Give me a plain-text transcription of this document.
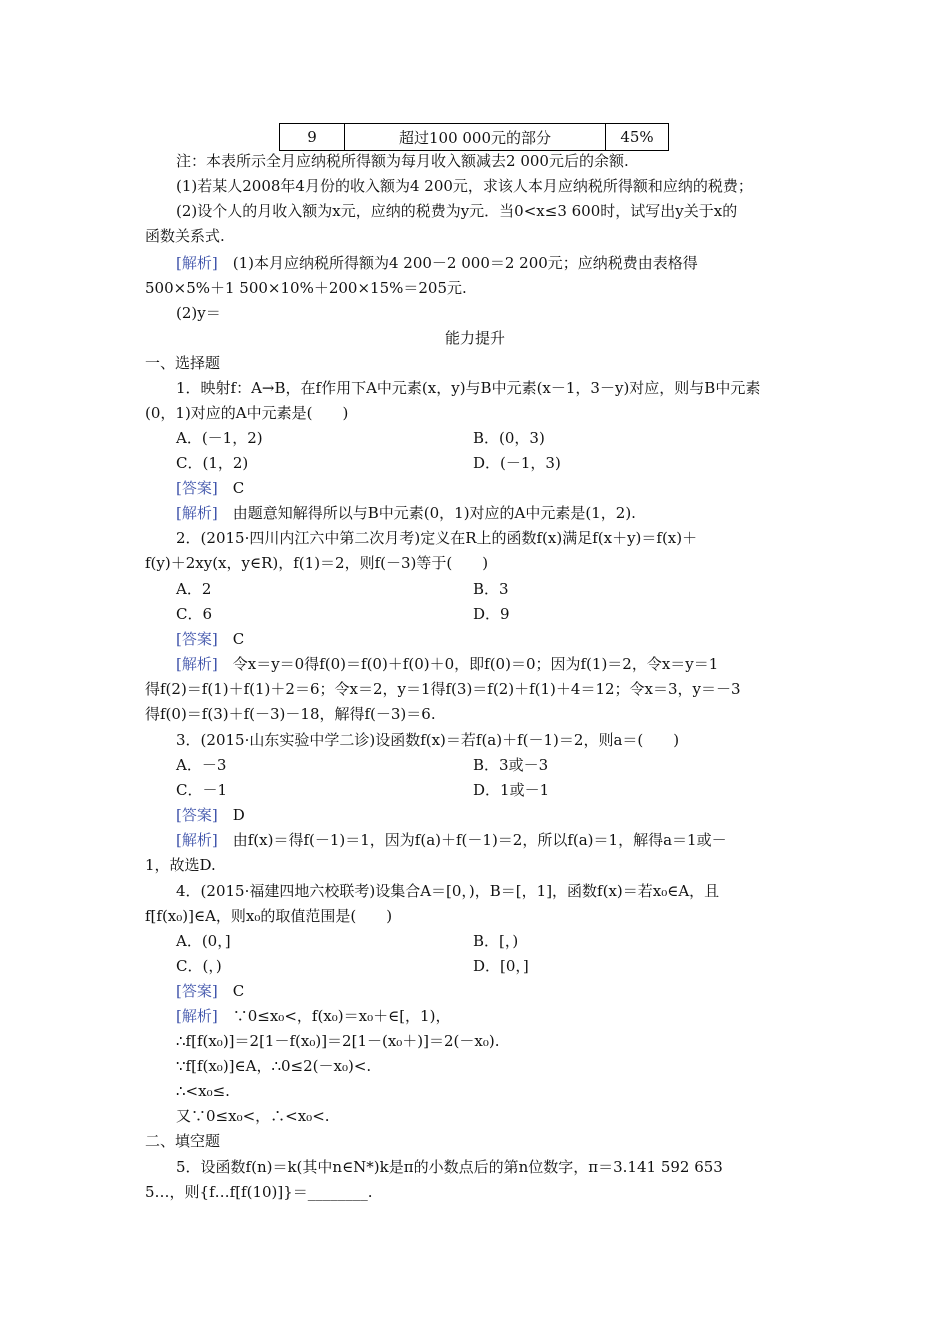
9	超过100 000元的部分	45%
注：本表所示全月应纳税所得额为每月收入额减去2 000元后的余额.
(1)若某人2008年4月份的收入额为4 200元，求该人本月应纳税所得额和应纳的税费；
(2)设个人的月收入额为x元，应纳的税费为y元．当0<x≤3 600时，试写出y关于x的
函数关系式.
[解析]　 (1)本月应纳税所得额为4 200－2 000＝2 200元；应纳税费由表格得
500×5%＋1 500×10%＋200×15%＝205元.
(2)y＝
能力提升
一、选择题
1．映射f：A→B，在f作用下A中元素(x，y)与B中元素(x－1，3－y)对应，则与B中元素
(0，1)对应的A中元素是(　　)
A．(－1，2)	B．(0，3)
C．(1，2)	D．(－1，3)
[答案]　 C
[解析]　 由题意知解得所以与B中元素(0，1)对应的A中元素是(1，2).
2．(2015·四川内江六中第二次月考)定义在R上的函数f(x)满足f(x＋y)＝f(x)＋
f(y)＋2xy(x，y∈R)，f(1)＝2，则f(－3)等于(　　)
A．2	B．3
C．6	D．9
[答案]　 C
[解析]　 令x＝y＝0得f(0)＝f(0)＋f(0)＋0，即f(0)＝0；因为f(1)＝2，令x＝y＝1
得f(2)＝f(1)＋f(1)＋2＝6；令x＝2，y＝1得f(3)＝f(2)＋f(1)＋4＝12；令x＝3，y＝－3
得f(0)＝f(3)＋f(－3)－18，解得f(－3)＝6.
3．(2015·山东实验中学二诊)设函数f(x)＝若f(a)＋f(－1)＝2，则a＝(　　)
A．－3	B．3或－3
C．－1	D．1或－1
[答案]　 D
[解析]　 由f(x)＝得f(－1)＝1，因为f(a)＋f(－1)＝2，所以f(a)＝1，解得a＝1或－
1，故选D.
4．(2015·福建四地六校联考)设集合A＝[0，)，B＝[，1]，函数f(x)＝若x₀∈A，且
f[f(x₀)]∈A，则x₀的取值范围是(　　)
A．(0，]	B．[，)
C．(，)	D．[0，]
[答案]　 C
[解析]　 ∵0≤x₀<，f(x₀)＝x₀＋∈[，1)，
∴f[f(x₀)]＝2[1－f(x₀)]＝2[1－(x₀＋)]＝2(－x₀).
∵f[f(x₀)]∈A，∴0≤2(－x₀)<.
∴<x₀≤.
又∵0≤x₀<，∴<x₀<.
二、填空题
5．设函数f(n)＝k(其中n∈N*)k是π的小数点后的第n位数字，π＝3.141 592 653
5…，则{f…f[f(10)]}＝________.
